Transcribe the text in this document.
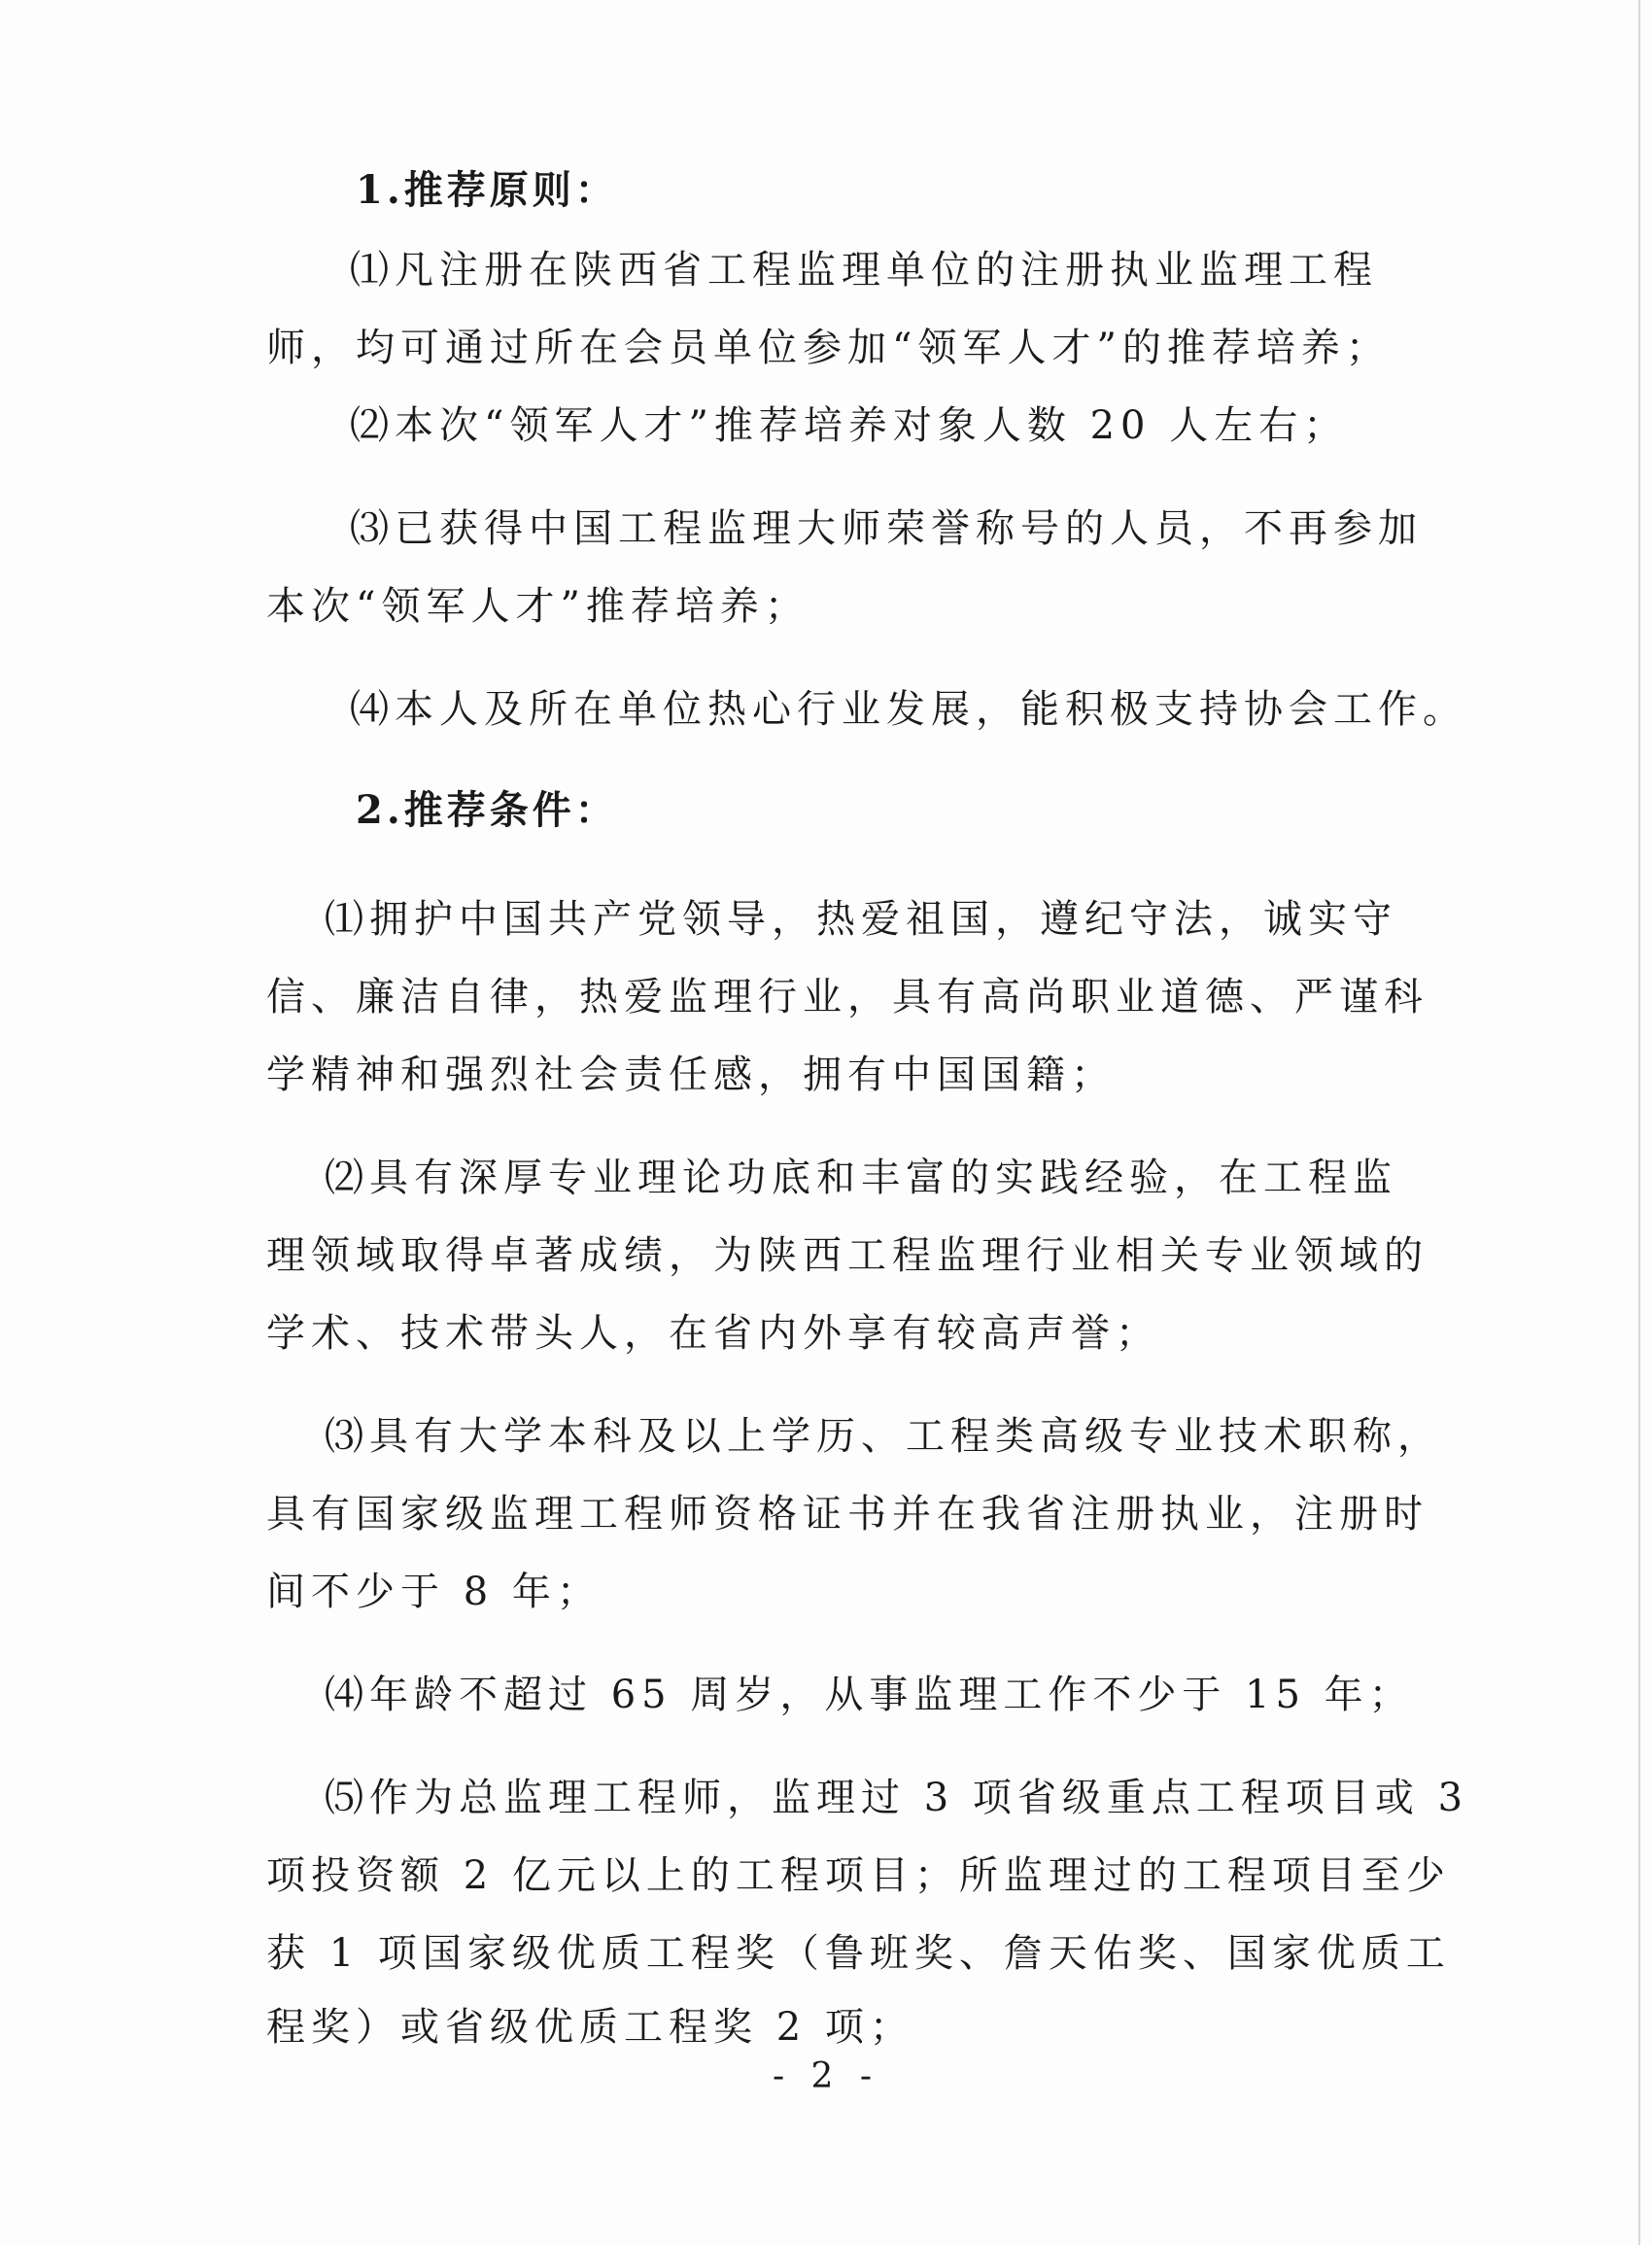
1.推荐原则：
⑴凡注册在陕西省工程监理单位的注册执业监理工程
师，均可通过所在会员单位参加“领军人才”的推荐培养；
⑵本次“领军人才”推荐培养对象人数 20 人左右；
⑶已获得中国工程监理大师荣誉称号的人员，不再参加
本次“领军人才”推荐培养；
⑷本人及所在单位热心行业发展，能积极支持协会工作。
2.推荐条件：
⑴拥护中国共产党领导，热爱祖国，遵纪守法，诚实守
信、廉洁自律，热爱监理行业，具有高尚职业道德、严谨科
学精神和强烈社会责任感，拥有中国国籍；
⑵具有深厚专业理论功底和丰富的实践经验，在工程监
理领域取得卓著成绩，为陕西工程监理行业相关专业领域的
学术、技术带头人，在省内外享有较高声誉；
⑶具有大学本科及以上学历、工程类高级专业技术职称，
具有国家级监理工程师资格证书并在我省注册执业，注册时
间不少于 8 年；
⑷年龄不超过 65 周岁，从事监理工作不少于 15 年；
⑸作为总监理工程师，监理过 3 项省级重点工程项目或 3
项投资额 2 亿元以上的工程项目；所监理过的工程项目至少
获 1 项国家级优质工程奖（鲁班奖、詹天佑奖、国家优质工
程奖）或省级优质工程奖 2 项；
- 2 -
